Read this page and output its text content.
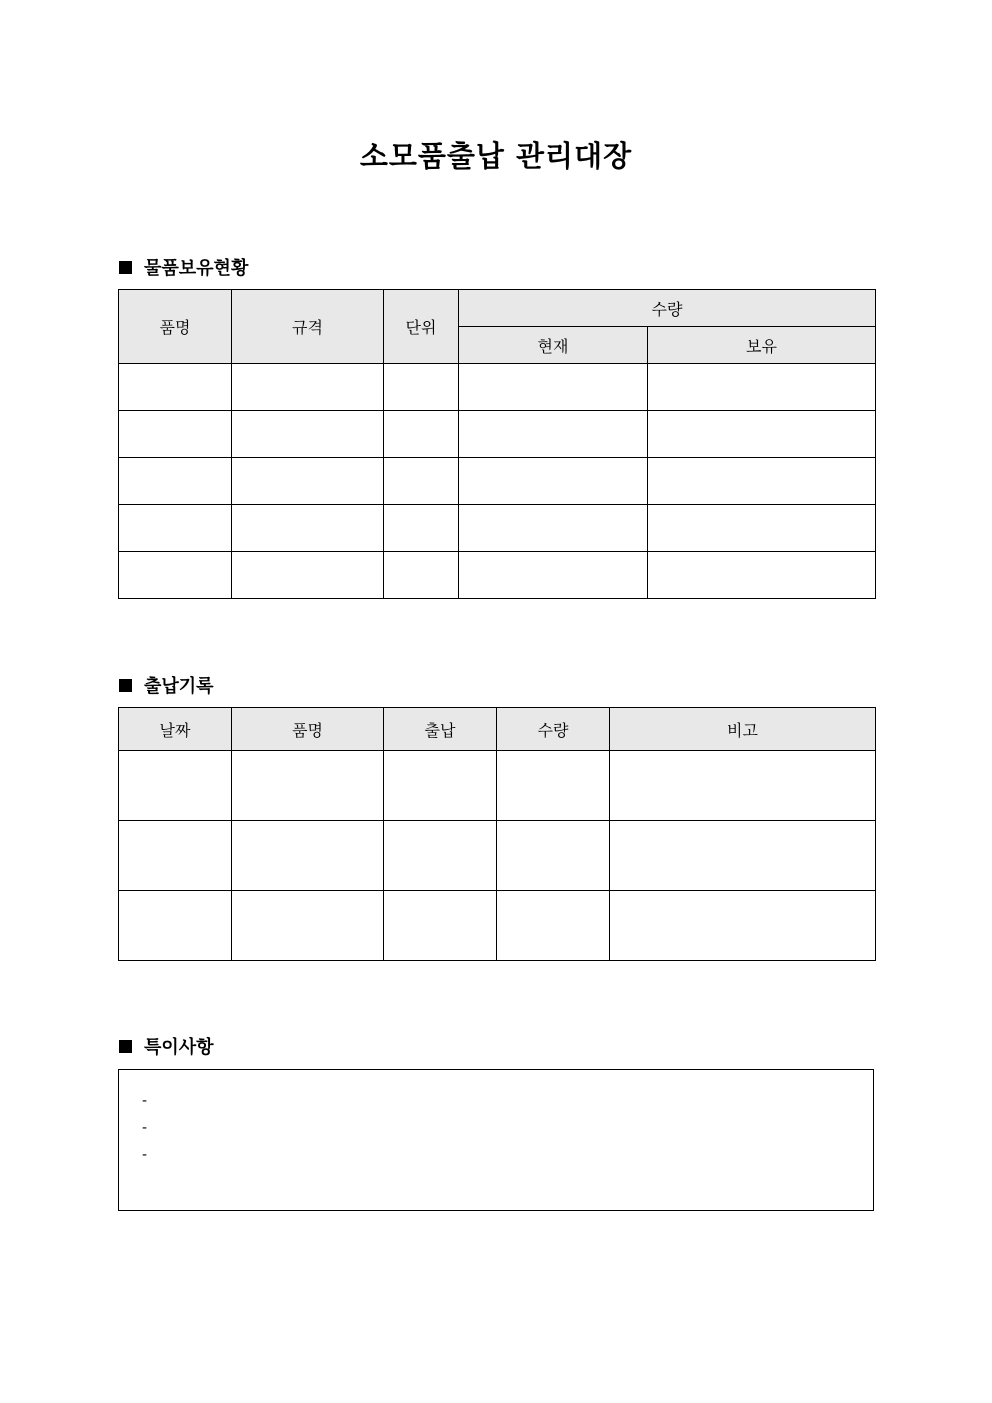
소모품출납 관리대장
물품보유현황
품명	규격	단위	수량	
			현재	보유

출납기록
날짜	품명	출납	수량	비고

특이사항
-
-
-
